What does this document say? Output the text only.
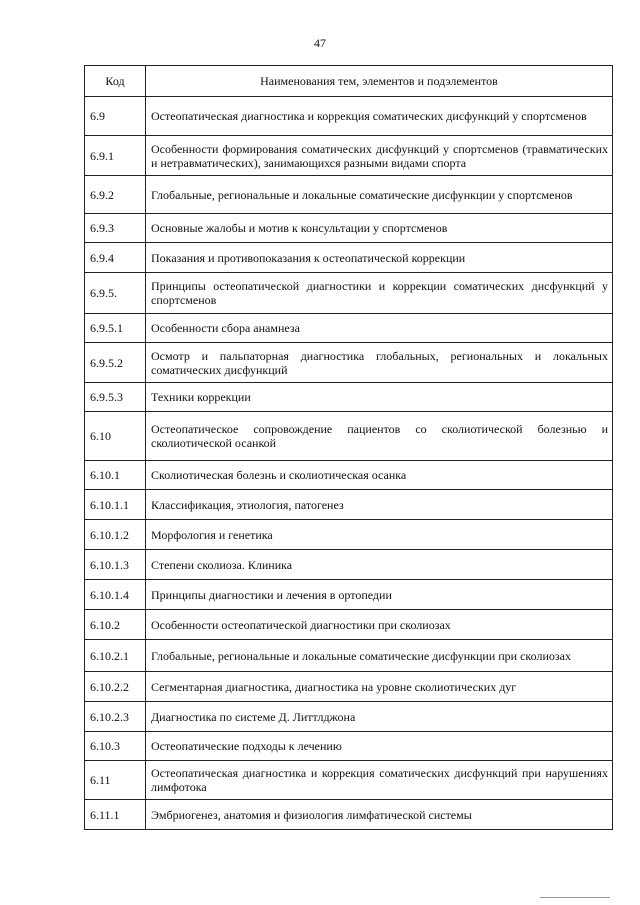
47
Код	Наименования тем, элементов и подэлементов
6.9	Остеопатическая диагностика и коррекция соматических дисфункций у спортсменов
6.9.1	Особенности формирования соматических дисфункций у спортсменов (травматических и нетравматических), занимающихся разными видами спорта
6.9.2	Глобальные, региональные и локальные соматические дисфункции у спортсменов
6.9.3	Основные жалобы и мотив к консультации у спортсменов
6.9.4	Показания и противопоказания к остеопатической коррекции
6.9.5.	Принципы остеопатической диагностики и коррекции соматических дисфункций у спортсменов
6.9.5.1	Особенности сбора анамнеза
6.9.5.2	Осмотр и пальпаторная диагностика глобальных, региональных и локальных соматических дисфункций
6.9.5.3	Техники коррекции
6.10	Остеопатическое сопровождение пациентов со сколиотической болезнью и сколиотической осанкой
6.10.1	Сколиотическая болезнь и сколиотическая осанка
6.10.1.1	Классификация, этиология, патогенез
6.10.1.2	Морфология и генетика
6.10.1.3	Степени сколиоза. Клиника
6.10.1.4	Принципы диагностики и лечения в ортопедии
6.10.2	Особенности остеопатической диагностики при сколиозах
6.10.2.1	Глобальные, региональные и локальные соматические дисфункции при сколиозах
6.10.2.2	Сегментарная диагностика, диагностика на уровне сколиотических дуг
6.10.2.3	Диагностика по системе Д. Литтлджона
6.10.3	Остеопатические подходы к лечению
6.11	Остеопатическая диагностика и коррекция соматических дисфункций при нарушениях лимфотока
6.11.1	Эмбриогенез, анатомия и физиология лимфатической системы
